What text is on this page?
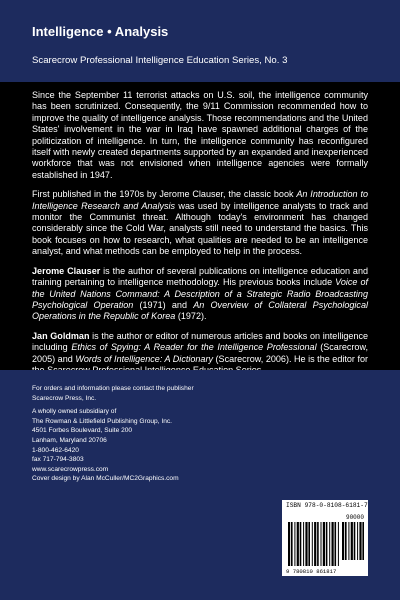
Intelligence • Analysis
Scarecrow Professional Intelligence Education Series, No. 3

Since the September 11 terrorist attacks on U.S. soil, the intelligence community has been scrutinized. Consequently, the 9/11 Commission recommended how to improve the quality of intelligence analysis. Those recommendations and the United States' involvement in the war in Iraq have spawned additional charges of the politicization of intelligence. In turn, the intelligence community has reconfigured itself with newly created departments supported by an expanded and inexperienced workforce that was not envisioned when intelligence agencies were formally established in 1947.

First published in the 1970s by Jerome Clauser, the classic book An Introduction to Intelligence Research and Analysis was used by intelligence analysts to track and monitor the Communist threat. Although today's environment has changed considerably since the Cold War, analysts still need to understand the basics. This book focuses on how to research, what qualities are needed to be an intelligence analyst, and what methods can be employed to help in the process.

Jerome Clauser is the author of several publications on intelligence education and training pertaining to intelligence methodology. His previous books include Voice of the United Nations Command: A Description of a Strategic Radio Broadcasting Psychological Operation (1971) and An Overview of Collateral Psychological Operations in the Republic of Korea (1972).

Jan Goldman is the author or editor of numerous articles and books on intelligence including Ethics of Spying: A Reader for the Intelligence Professional (Scarecrow, 2005) and Words of Intelligence: A Dictionary (Scarecrow, 2006). He is the editor for

For orders and information please contact the publisher
Scarecrow Press, Inc.
A wholly owned subsidiary of
The Rowman & Littlefield Publishing Group, Inc.
4501 Forbes Boulevard, Suite 200
Lanham, Maryland 20706
1-800-462-6420
fax 717-794-3803
www.scarecrowpress.com
Cover design by Alan McCuller/MC2Graphics.com
ISBN 978-0-8108-6181-7
90000
9 780810 861817
